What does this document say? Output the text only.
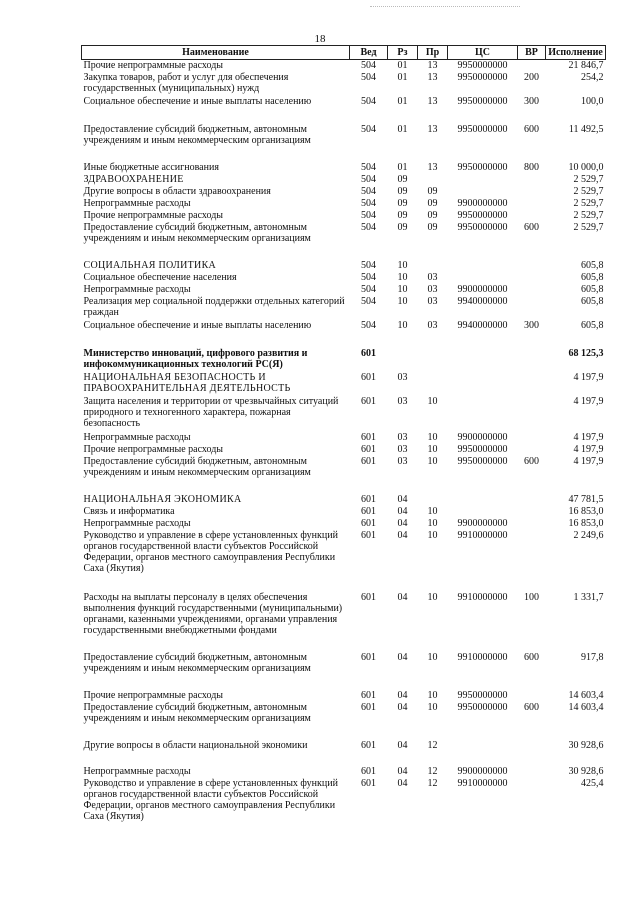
18
Наименование	Вед	Рз	Пр	ЦС	ВР	Исполнение
Прочие непрограммные расходы	504	01	13	9950000000		21 846,7
Закупка товаров, работ и услуг для обеспечения государственных (муниципальных) нужд	504	01	13	9950000000	200	254,2
Социальное обеспечение и иные выплаты населению	504	01	13	9950000000	300	100,0
Предоставление субсидий бюджетным, автономным учреждениям и иным некоммерческим организациям	504	01	13	9950000000	600	11 492,5
Иные бюджетные ассигнования	504	01	13	9950000000	800	10 000,0
ЗДРАВООХРАНЕНИЕ	504	09				2 529,7
Другие вопросы в области здравоохранения	504	09	09			2 529,7
Непрограммные расходы	504	09	09	9900000000		2 529,7
Прочие непрограммные расходы	504	09	09	9950000000		2 529,7
Предоставление субсидий бюджетным, автономным учреждениям и иным некоммерческим организациям	504	09	09	9950000000	600	2 529,7
СОЦИАЛЬНАЯ ПОЛИТИКА	504	10				605,8
Социальное обеспечение населения	504	10	03			605,8
Непрограммные расходы	504	10	03	9900000000		605,8
Реализация мер социальной поддержки отдельных категорий граждан	504	10	03	9940000000		605,8
Социальное обеспечение и иные выплаты населению	504	10	03	9940000000	300	605,8
Министерство инноваций, цифрового развития и инфокоммуникационных технологий РС(Я)	601					68 125,3
НАЦИОНАЛЬНАЯ БЕЗОПАСНОСТЬ И ПРАВООХРАНИТЕЛЬНАЯ ДЕЯТЕЛЬНОСТЬ	601	03				4 197,9
Защита населения и территории от чрезвычайных ситуаций природного и техногенного характера, пожарная безопасность	601	03	10			4 197,9
Непрограммные расходы	601	03	10	9900000000		4 197,9
Прочие непрограммные расходы	601	03	10	9950000000		4 197,9
Предоставление субсидий бюджетным, автономным учреждениям и иным некоммерческим организациям	601	03	10	9950000000	600	4 197,9
НАЦИОНАЛЬНАЯ ЭКОНОМИКА	601	04				47 781,5
Связь и информатика	601	04	10			16 853,0
Непрограммные расходы	601	04	10	9900000000		16 853,0
Руководство и управление в сфере установленных функций органов государственной власти субъектов Российской Федерации, органов местного самоуправления Республики Саха (Якутия)	601	04	10	9910000000		2 249,6
Расходы на выплаты персоналу в целях обеспечения выполнения функций государственными (муниципальными) органами, казенными учреждениями, органами управления государственными внебюджетными фондами	601	04	10	9910000000	100	1 331,7
Предоставление субсидий бюджетным, автономным учреждениям и иным некоммерческим организациям	601	04	10	9910000000	600	917,8
Прочие непрограммные расходы	601	04	10	9950000000		14 603,4
Предоставление субсидий бюджетным, автономным учреждениям и иным некоммерческим организациям	601	04	10	9950000000	600	14 603,4
Другие вопросы в области национальной экономики	601	04	12			30 928,6
Непрограммные расходы	601	04	12	9900000000		30 928,6
Руководство и управление в сфере установленных функций органов государственной власти субъектов Российской Федерации, органов местного самоуправления Республики Саха (Якутия)	601	04	12	9910000000		425,4
